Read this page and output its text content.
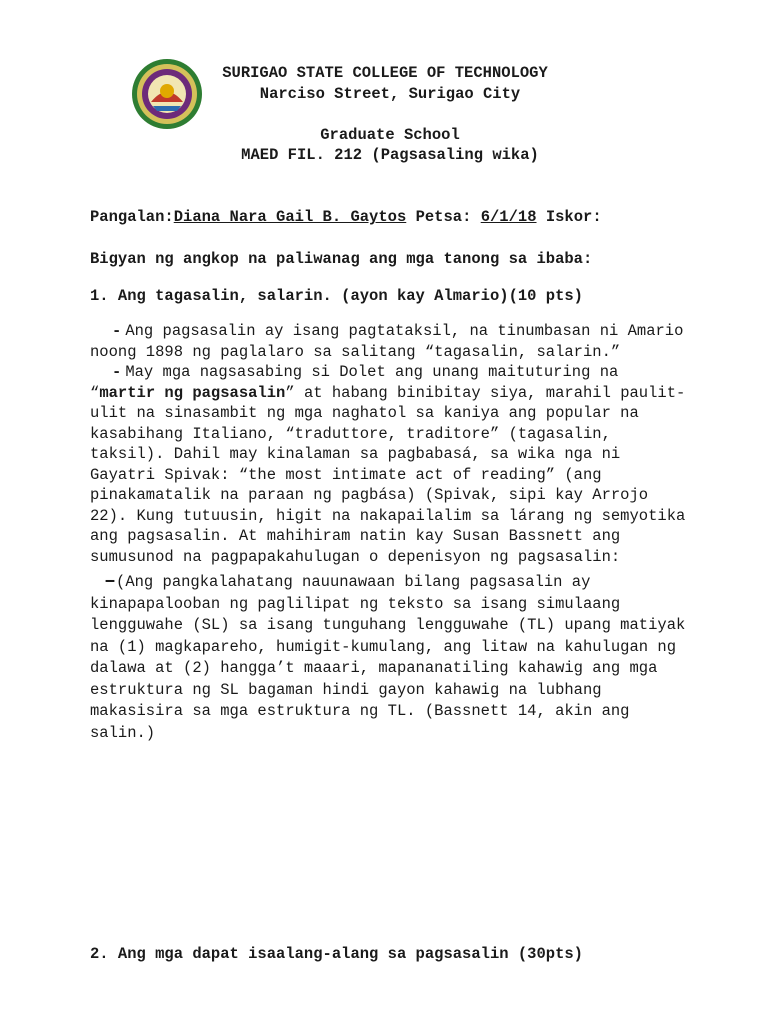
SURIGAO STATE COLLEGE OF TECHNOLOGY
Narciso Street, Surigao City
Graduate School
MAED FIL. 212 (Pagsasaling wika)
Pangalan:Diana Nara Gail B. Gaytos Petsa: 6/1/18 Iskor:
Bigyan ng angkop na paliwanag ang mga tanong sa ibaba:
1. Ang tagasalin, salarin. (ayon kay Almario)(10 pts)
- Ang pagsasalin ay isang pagtataksil, na tinumbasan ni Amario noong 1898 ng paglalaro sa salitang “tagasalin, salarin.”
- May mga nagsasabing si Dolet ang unang maituturing na “martir ng pagsasalin” at habang binibitay siya, marahil paulit-ulit na sinasambit ng mga naghatol sa kaniya ang popular na kasabihang Italiano, “traduttore, traditore” (tagasalin, taksil). Dahil may kinalaman sa pagbabasá, sa wika nga ni Gayatri Spivak: “the most intimate act of reading” (ang pinakamatalik na paraan ng pagbása) (Spivak, sipi kay Arrojo 22). Kung tutuusin, higit na nakapailalim sa lárang ng semyotika ang pagsasalin. At mahihiram natin kay Susan Bassnett ang sumusunod na pagpapakahulugan o depenisyon ng pagsasalin:
–(Ang pangkalahatang nauunawaan bilang pagsasalin ay kinapapalooban ng paglilipat ng teksto sa isang simulaang lengguwahe (SL) sa isang tunguhang lengguwahe (TL) upang matiyak na (1) magkapareho, humigit-kumulang, ang litaw na kahulugan ng dalawa at (2) hangga’t maaari, mapananatiling kahawig ang mga estruktura ng SL bagaman hindi gayon kahawig na lubhang makasisira sa mga estruktura ng TL. (Bassnett 14, akin ang salin.)
2. Ang mga dapat isaalang-alang sa pagsasalin (30pts)
